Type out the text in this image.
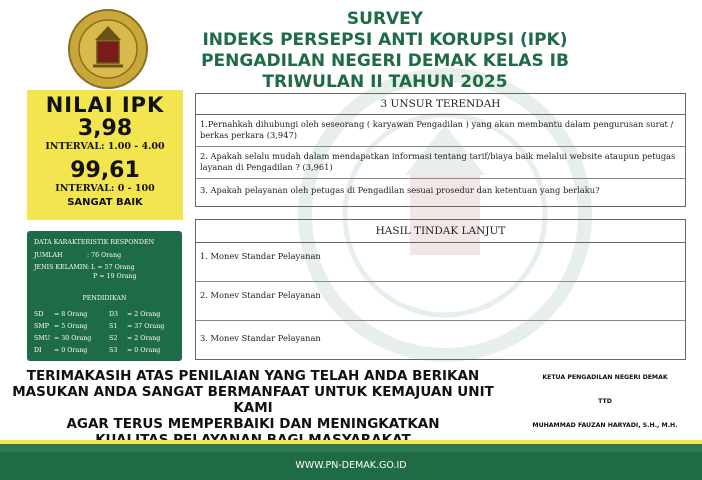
SURVEY
INDEKS PERSEPSI ANTI KORUPSI (IPK)
PENGADILAN NEGERI DEMAK KELAS IB
TRIWULAN II TAHUN 2025
NILAI IPK
3,98
INTERVAL: 1.00 - 4.00
99,61
INTERVAL: 0 - 100
SANGAT BAIK
DATA KARAKTERISTIK RESPONDEN
JUMLAH	: 76 Orang
JENIS KELAMIN : L = 57 Orang
P = 19 Orang
PENDIDIKAN
SD = 8 Orang	D3 = 2 Orang
SMP = 5 Orang	S1 = 37 Orang
SMU = 30 Orang	S2 = 2 Orang
DI = 0 Orang	S3 = 0 Orang
3 UNSUR TERENDAH
1.Pernahkah dihubungi oleh seseorang ( karyawan Pengadilan ) yang akan membantu dalam pengurusan surat / berkas perkara (3,947)
2. Apakah selalu mudah dalam mendapatkan informasi tentang tarif/biaya baik melalui website ataupun petugas layanan di Pengadilan ? (3,961)
3. Apakah pelayanan oleh petugas di Pengadilan sesuai prosedur dan ketentuan yang berlaku?
HASIL TINDAK LANJUT
1. Monev Standar Pelayanan
2. Monev Standar Pelayanan
3. Monev Standar Pelayanan
TERIMAKASIH ATAS PENILAIAN YANG TELAH ANDA BERIKAN
MASUKAN ANDA SANGAT BERMANFAAT UNTUK KEMAJUAN UNIT KAMI
AGAR TERUS MEMPERBAIKI DAN MENINGKATKAN
KETUA PENGADILAN NEGERI DEMAK
TTD
MUHAMMAD FAUZAN HARYADI, S.H., M.H.
WWW.PN-DEMAK.GO.ID
